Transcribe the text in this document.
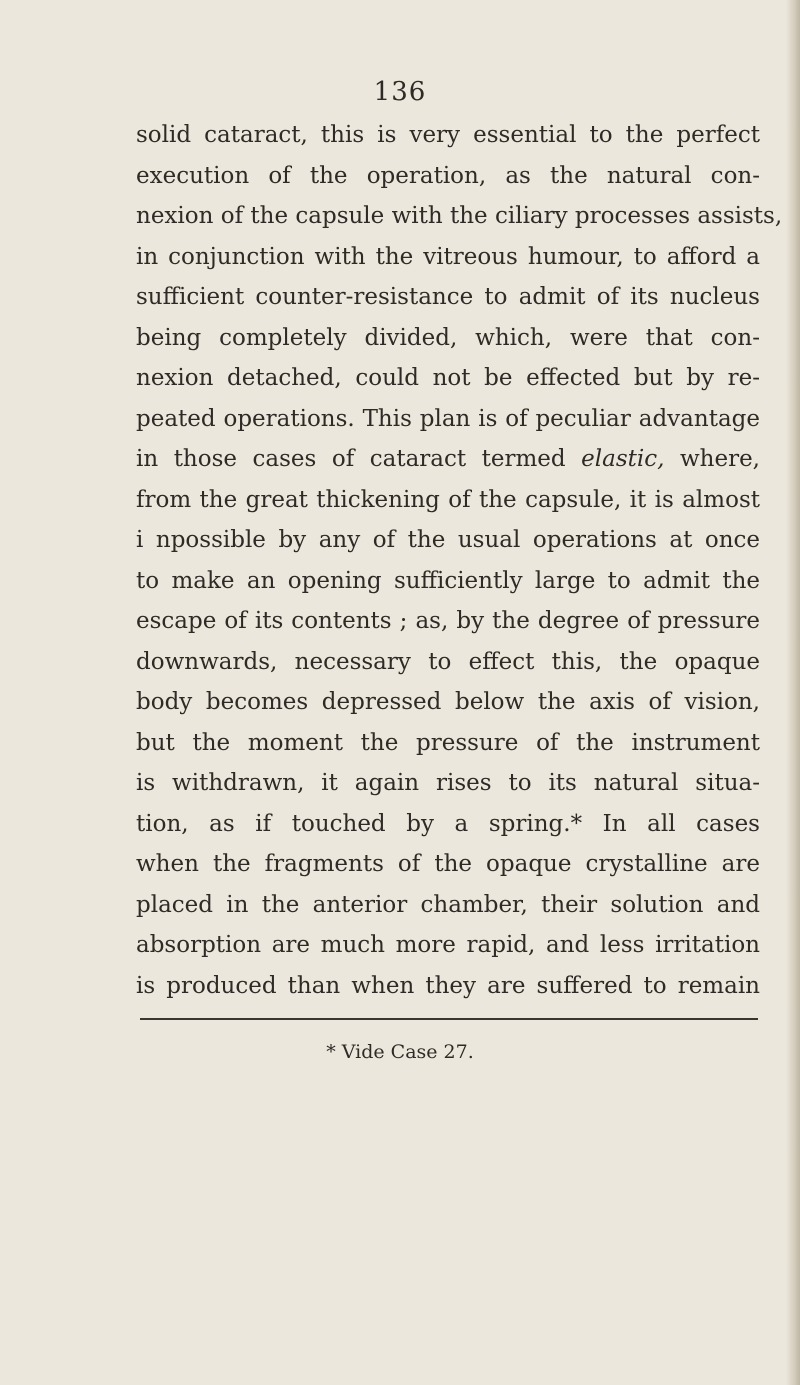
136
solid cataract, this is very essential to the perfect
execution of the operation, as the natural con-
nexion of the capsule with the ciliary processes assists,
in conjunction with the vitreous humour, to afford a
sufficient counter-resistance to admit of its nucleus
being completely divided, which, were that con-
nexion detached, could not be effected but by re-
peated operations. This plan is of peculiar advantage
in those cases of cataract termed elastic, where,
from the great thickening of the capsule, it is almost
i npossible by any of the usual operations at once
to make an opening sufficiently large to admit the
escape of its contents ; as, by the degree of pressure
downwards, necessary to effect this, the opaque
body becomes depressed below the axis of vision,
but the moment the pressure of the instrument
is withdrawn, it again rises to its natural situa-
tion, as if touched by a spring.* In all cases
when the fragments of the opaque crystalline are
placed in the anterior chamber, their solution and
absorption are much more rapid, and less irritation
is produced than when they are suffered to remain
* Vide Case 27.
